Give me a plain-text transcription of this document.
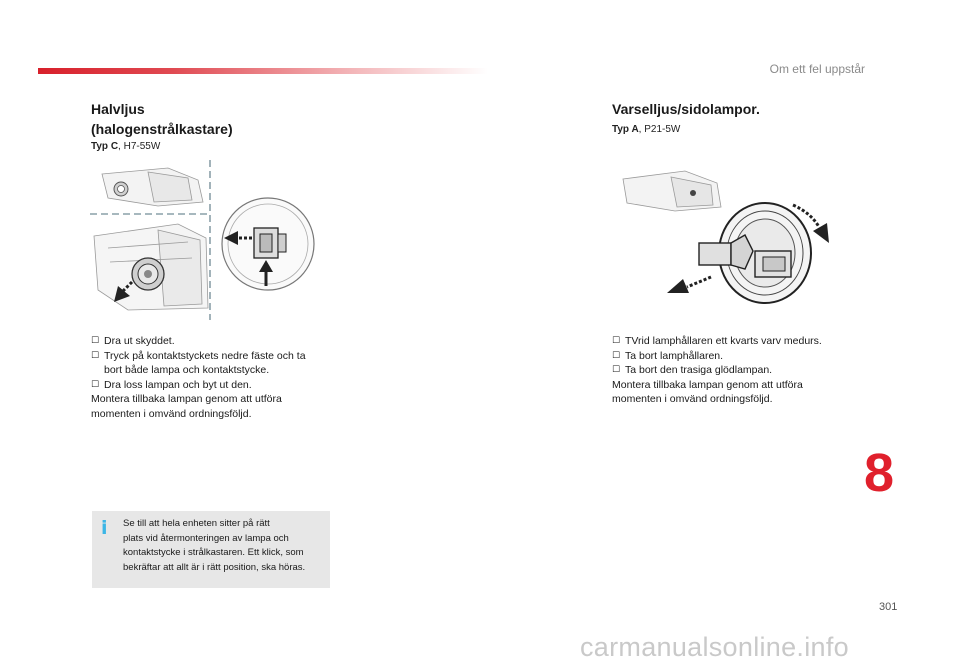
Om ett fel uppstår
Halvljus
(halogenstrålkastare)
Typ C, H7-55W
☐ Dra ut skyddet.
☐ Tryck på kontaktstyckets nedre fäste och ta
bort både lampa och kontaktstycke.
☐ Dra loss lampan och byt ut den.
Montera tillbaka lampan genom att utföra
momenten i omvänd ordningsföljd.
i Se till att hela enheten sitter på rätt
plats vid återmonteringen av lampa och
kontaktstycke i strålkastaren. Ett klick, som
bekräftar att allt är i rätt position, ska höras.
Varselljus/sidolampor.
Typ A, P21-5W
☐ TVrid lamphållaren ett kvarts varv medurs.
☐ Ta bort lamphållaren.
☐ Ta bort den trasiga glödlampan.
Montera tillbaka lampan genom att utföra
momenten i omvänd ordningsföljd.
8
301
carmanualsonline.info
